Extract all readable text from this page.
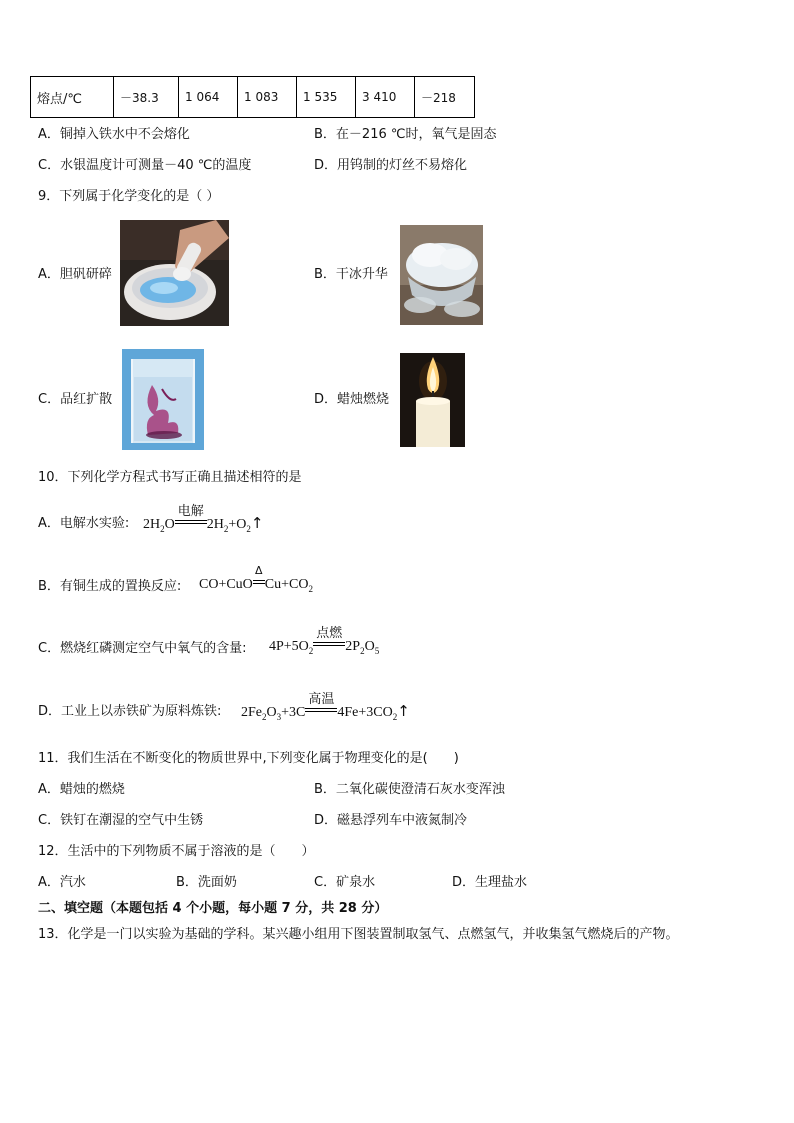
熔点/℃	－38.3	1 064	1 083	1 535	3 410	－218
A．铜掉入铁水中不会熔化	B．在－216 ℃时，氧气是固态
C．水银温度计可测量－40 ℃的温度	D．用钨制的灯丝不易熔化
9．下列属于化学变化的是（ ）
A．胆矾研碎	B．干冰升华
C．品红扩散	D．蜡烛燃烧
10．下列化学方程式书写正确且描述相符的是
A．电解水实验: $2H_2O$
电解
$2H_2+O_2↑$
B．有铜生成的置换反应: CO+CuO
Δ
$Cu+CO_2$
C．燃烧红磷测定空气中氧气的含量: $4P+5O_2$
点燃
$2P_2O_5$
D．工业上以赤铁矿为原料炼铁: $2Fe_2O_3+3C$
高温
$4Fe+3CO_2↑$
11．我们生活在不断变化的物质世界中,下列变化属于物理变化的是(　　)
A．蜡烛的燃烧	B．二氧化碳使澄清石灰水变浑浊
C．铁钉在潮湿的空气中生锈	D．磁悬浮列车中液氮制冷
12．生活中的下列物质不属于溶液的是（　　）
A．汽水	B．洗面奶	C．矿泉水	D．生理盐水
二、填空题（本题包括 4 个小题，每小题 7 分，共 28 分）
13．化学是一门以实验为基础的学科。某兴趣小组用下图装置制取氢气、点燃氢气，并收集氢气燃烧后的产物。
